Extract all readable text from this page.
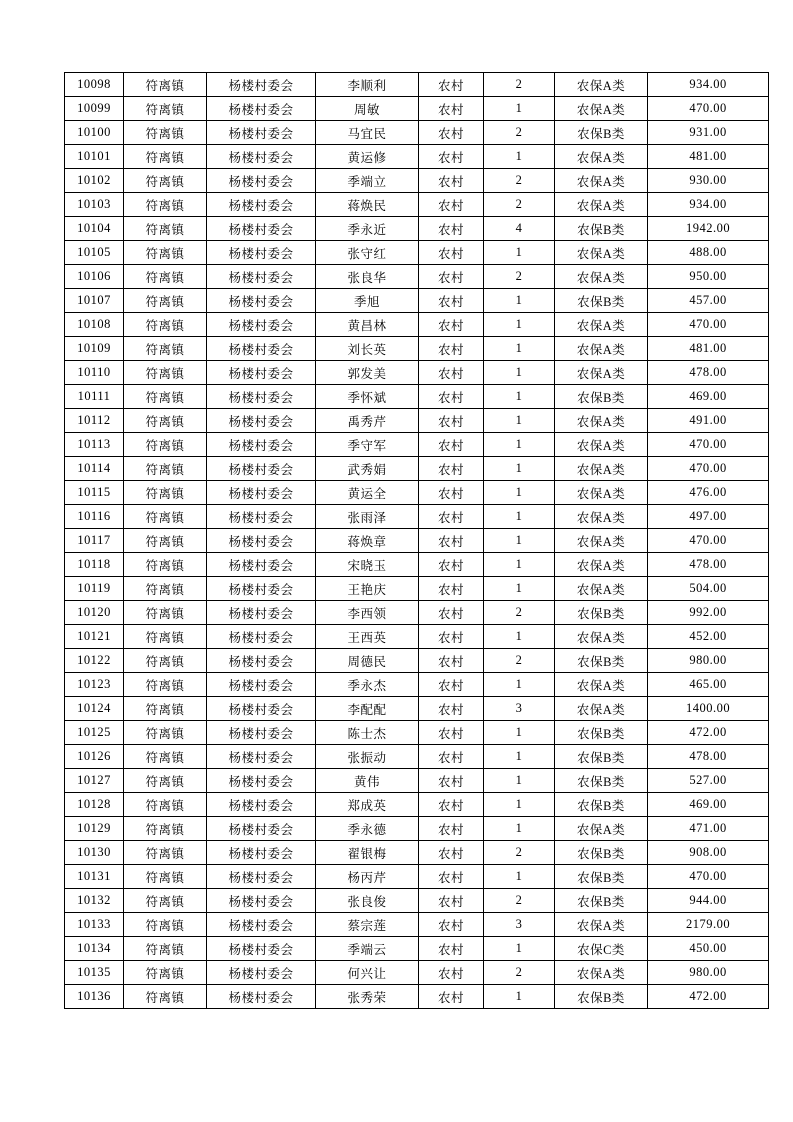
10098	符离镇	杨楼村委会	李顺利	农村	2	农保A类	934.00
10099	符离镇	杨楼村委会	周敏	农村	1	农保A类	470.00
10100	符离镇	杨楼村委会	马宜民	农村	2	农保B类	931.00
10101	符离镇	杨楼村委会	黄运修	农村	1	农保A类	481.00
10102	符离镇	杨楼村委会	季端立	农村	2	农保A类	930.00
10103	符离镇	杨楼村委会	蒋焕民	农村	2	农保A类	934.00
10104	符离镇	杨楼村委会	季永近	农村	4	农保B类	1942.00
10105	符离镇	杨楼村委会	张守红	农村	1	农保A类	488.00
10106	符离镇	杨楼村委会	张良华	农村	2	农保A类	950.00
10107	符离镇	杨楼村委会	季旭	农村	1	农保B类	457.00
10108	符离镇	杨楼村委会	黄昌林	农村	1	农保A类	470.00
10109	符离镇	杨楼村委会	刘长英	农村	1	农保A类	481.00
10110	符离镇	杨楼村委会	郭发美	农村	1	农保A类	478.00
10111	符离镇	杨楼村委会	季怀斌	农村	1	农保B类	469.00
10112	符离镇	杨楼村委会	禹秀芹	农村	1	农保A类	491.00
10113	符离镇	杨楼村委会	季守军	农村	1	农保A类	470.00
10114	符离镇	杨楼村委会	武秀娟	农村	1	农保A类	470.00
10115	符离镇	杨楼村委会	黄运全	农村	1	农保A类	476.00
10116	符离镇	杨楼村委会	张雨泽	农村	1	农保A类	497.00
10117	符离镇	杨楼村委会	蒋焕章	农村	1	农保A类	470.00
10118	符离镇	杨楼村委会	宋晓玉	农村	1	农保A类	478.00
10119	符离镇	杨楼村委会	王艳庆	农村	1	农保A类	504.00
10120	符离镇	杨楼村委会	李西领	农村	2	农保B类	992.00
10121	符离镇	杨楼村委会	王西英	农村	1	农保A类	452.00
10122	符离镇	杨楼村委会	周德民	农村	2	农保B类	980.00
10123	符离镇	杨楼村委会	季永杰	农村	1	农保A类	465.00
10124	符离镇	杨楼村委会	李配配	农村	3	农保A类	1400.00
10125	符离镇	杨楼村委会	陈士杰	农村	1	农保B类	472.00
10126	符离镇	杨楼村委会	张振动	农村	1	农保B类	478.00
10127	符离镇	杨楼村委会	黄伟	农村	1	农保B类	527.00
10128	符离镇	杨楼村委会	郑成英	农村	1	农保B类	469.00
10129	符离镇	杨楼村委会	季永德	农村	1	农保A类	471.00
10130	符离镇	杨楼村委会	翟银梅	农村	2	农保B类	908.00
10131	符离镇	杨楼村委会	杨丙芹	农村	1	农保B类	470.00
10132	符离镇	杨楼村委会	张良俊	农村	2	农保B类	944.00
10133	符离镇	杨楼村委会	蔡宗莲	农村	3	农保A类	2179.00
10134	符离镇	杨楼村委会	季端云	农村	1	农保C类	450.00
10135	符离镇	杨楼村委会	何兴让	农村	2	农保A类	980.00
10136	符离镇	杨楼村委会	张秀荣	农村	1	农保B类	472.00
